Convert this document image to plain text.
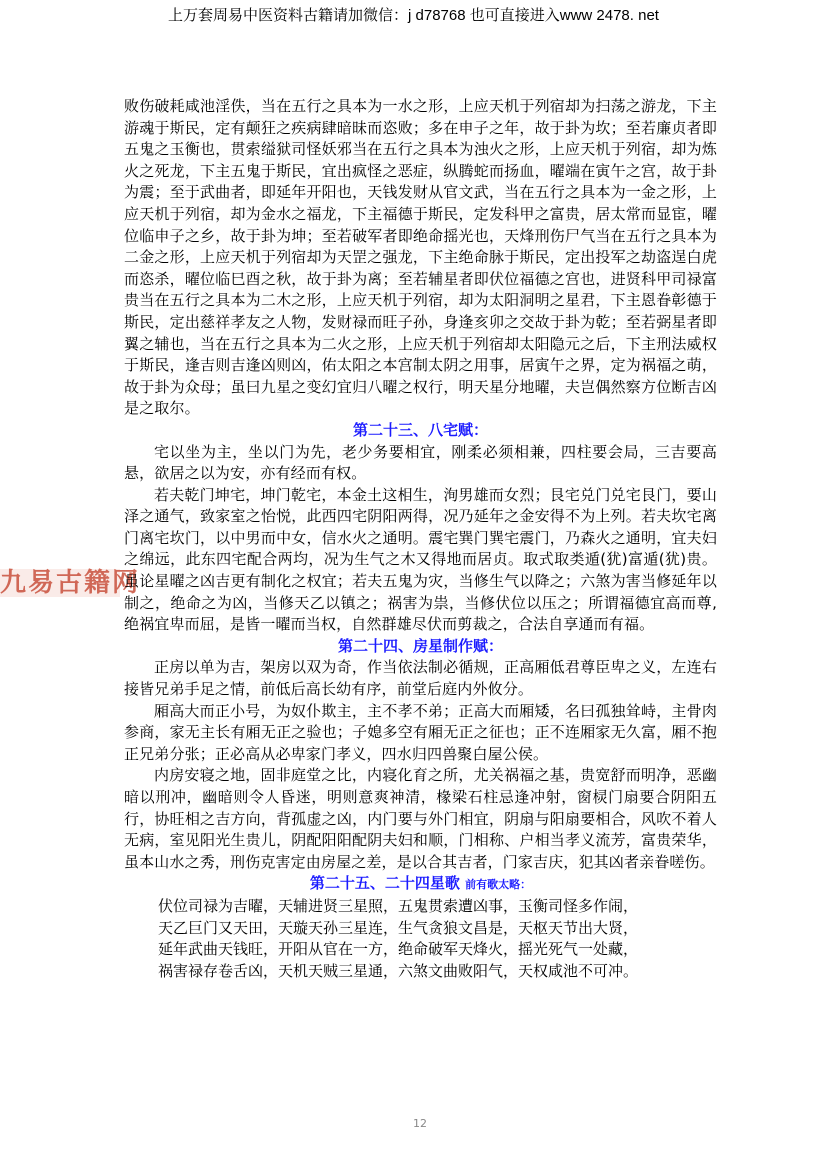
上万套周易中医资料古籍请加微信：j d78768 也可直接进入www 2478. net
九易古籍网

败伤破耗咸池淫佚，当在五行之具本为一水之形，上应天机于列宿却为扫荡之游龙，下主游魂于斯民，定有颠狂之疾病肆暗昧而恣败；多在申子之年，故于卦为坎；至若廉贞者即五鬼之玉衡也，贯索缢狱司怪妖邪当在五行之具本为浊火之形，上应天机于列宿，却为炼火之死龙，下主五鬼于斯民，宜出疯怪之恶症，纵腾蛇而扬血，曜端在寅午之宫，故于卦为震；至于武曲者，即延年开阳也，天钱发财从官文武，当在五行之具本为一金之形，上应天机于列宿，却为金水之福龙，下主福德于斯民，定发科甲之富贵，居太常而显宦，曜位临申子之乡，故于卦为坤；至若破军者即绝命摇光也，天烽刑伤尸气当在五行之具本为二金之形，上应天机于列宿却为天罡之强龙，下主绝命脉于斯民，定出投军之劫盗逞白虎而恣杀，曜位临巳酉之秋，故于卦为离；至若辅星者即伏位福德之宫也，进贤科甲司禄富贵当在五行之具本为二木之形，上应天机于列宿，却为太阳洞明之星君，下主恩眷彰德于斯民，定出慈祥孝友之人物，发财禄而旺子孙，身逢亥卯之交故于卦为乾；至若弼星者即翼之辅也，当在五行之具本为二火之形，上应天机于列宿却太阳隐元之后，下主刑法威权于斯民，逢吉则吉逢凶则凶，佑太阳之本宫制太阴之用事，居寅午之界，定为祸福之萌，故于卦为众母；虽曰九星之变幻宜归八曜之权行，明天星分地曜，夫岂偶然察方位断吉凶是之取尔。

第二十三、八宅赋：

宅以坐为主，坐以门为先，老少务要相宜，刚柔必须相兼，四柱要会局，三吉要高悬，欲居之以为安，亦有经而有权。

若夫乾门坤宅，坤门乾宅，本金土这相生，洵男雄而女烈；艮宅兑门兑宅艮门，要山泽之通气，致家室之怡悦，此西四宅阴阳两得，况乃延年之金安得不为上列。若夫坎宅离门离宅坎门，以中男而中女，信水火之通明。震宅巽门巽宅震门，乃森火之通明，宜夫妇之绵远，此东四宅配合两均，况为生气之木又得地而居贞。取式取类遁(犹)富遁(犹)贵。虽论星曜之凶吉更有制化之权宜；若夫五鬼为灾，当修生气以降之；六煞为害当修延年以制之，绝命之为凶，当修天乙以镇之；祸害为祟，当修伏位以压之；所谓福德宜高而尊,绝祸宜卑而屈，是皆一曜而当权，自然群雄尽伏而剪裁之，合法自享通而有福。

第二十四、房星制作赋：

正房以单为吉，架房以双为奇，作当依法制必循规，正高厢低君尊臣卑之义，左连右接皆兄弟手足之情，前低后高长幼有序，前堂后庭内外攸分。

厢高大而正小号，为奴仆欺主，主不孝不弟；正高大而厢矮，名曰孤独耸峙，主骨肉参商，家无主长有厢无正之验也；子媳多空有厢无正之征也；正不连厢家无久富，厢不抱正兄弟分张；正必高从必卑家门孝义，四水归四兽聚白屋公侯。

内房安寝之地，固非庭堂之比，内寝化育之所，尤关祸福之基，贵宽舒而明净，恶幽暗以刑冲，幽暗则令人昏迷，明则意爽神清，椽梁石柱忌逢冲射，窗棂门扇要合阴阳五行，协旺相之吉方向，背孤虚之凶，内门要与外门相宜，阴扇与阳扇要相合，风吹不着人无病，室见阳光生贵儿，阴配阳阳配阴夫妇和顺，门相称、户相当孝义流芳，富贵荣华，虽本山水之秀，刑伤克害定由房屋之差，是以合其吉者，门家吉庆，犯其凶者亲眷嗟伤。

第二十五、二十四星歌 前有歌太略：

伏位司禄为吉曜，天辅进贤三星照，五鬼贯索遭凶事，玉衡司怪多作闹，

天乙巨门又天田，天璇天孙三星连，生气贪狼文昌是，天枢天节出大贤，

延年武曲天钱旺，开阳从官在一方，绝命破军天烽火，摇光死气一处藏，

祸害禄存卷舌凶，天机天贼三星通，六煞文曲败阳气，天权咸池不可冲。

12
